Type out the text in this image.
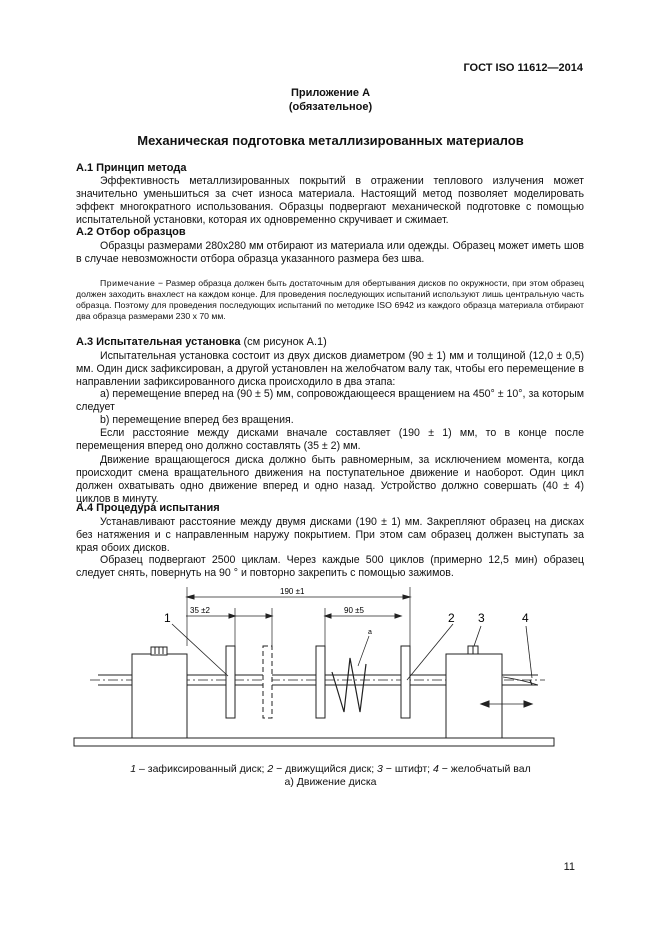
ГОСТ ISO 11612—2014
Приложение А
(обязательное)
Механическая подготовка металлизированных материалов
А.1 Принцип метода
Эффективность металлизированных покрытий в отражении теплового излучения может значительно уменьшиться за счет износа материала. Настоящий метод позволяет моделировать эффект многократного использования. Образцы подвергают механической подготовке с помощью испытательной установки, которая их одновременно скручивает и сжимает.
А.2 Отбор образцов
Образцы размерами 280х280 мм отбирают из материала или одежды. Образец может иметь шов в случае невозможности отбора образца указанного размера без шва.
Примечание − Размер образца должен быть достаточным для обертывания дисков по окружности, при этом образец должен заходить внахлест на каждом конце. Для проведения последующих испытаний используют лишь центральную часть образца. Поэтому для проведения последующих испытаний по методике ISO 6942 из каждого образца материала отбирают два образца размерами 230 х 70 мм.
А.3 Испытательная установка (см рисунок А.1)
Испытательная установка состоит из двух дисков диаметром (90 ± 1) мм и толщиной (12,0 ± 0,5) мм. Один диск зафиксирован, а другой установлен на желобчатом валу так, чтобы его перемещение в направлении зафиксированного диска происходило в два этапа:
а) перемещение вперед на (90 ± 5) мм, сопровождающееся вращением на 450° ± 10°, за которым следует
b) перемещение вперед без вращения.
Если расстояние между дисками вначале составляет (190 ± 1) мм, то в конце после перемещения вперед оно должно составлять (35 ± 2) мм.
Движение вращающегося диска должно быть равномерным, за исключением момента, когда происходит смена вращательного движения на поступательное движение и наоборот. Один цикл должен охватывать одно движение вперед и одно назад. Устройство должно совершать (40 ± 4) циклов в минуту.
А.4 Процедура испытания
Устанавливают расстояние между двумя дисками (190 ± 1) мм. Закрепляют образец на дисках без натяжения и с направленным наружу покрытием. При этом сам образец должен выступать за края обоих дисков.
Образец подвергают 2500 циклам. Через каждые 500 циклов (примерно 12,5 мин) образец следует снять, повернуть на 90 ° и повторно закрепить с помощью зажимов.
190 ±1
35 ±2	90 ±5
а
1	2 3	4
1 – зафиксированный диск; 2 − движущийся диск; 3 − штифт; 4 − желобчатый вал
а) Движение диска
11
